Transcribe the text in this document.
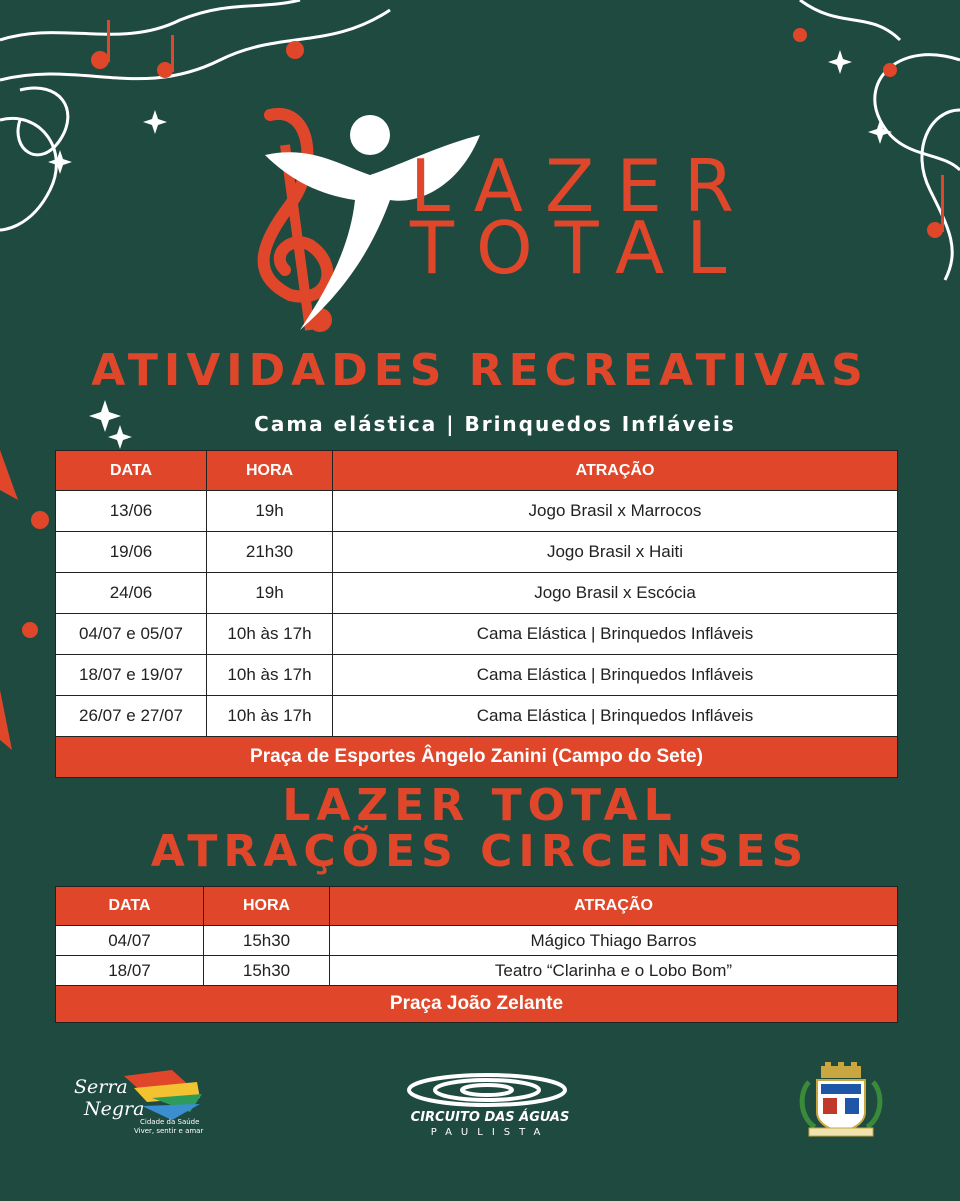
LAZER
TOTAL
ATIVIDADES RECREATIVAS
Cama elástica | Brinquedos Infláveis
DATA	HORA	ATRAÇÃO
13/06	19h	Jogo Brasil x Marrocos
19/06	21h30	Jogo Brasil x Haiti
24/06	19h	Jogo Brasil x Escócia
04/07 e 05/07	10h às 17h	Cama Elástica | Brinquedos Infláveis
18/07 e 19/07	10h às 17h	Cama Elástica | Brinquedos Infláveis
26/07 e 27/07	10h às 17h	Cama Elástica | Brinquedos Infláveis
Praça de Esportes Ângelo Zanini (Campo do Sete)		
LAZER TOTAL
ATRAÇÕES CIRCENSES
DATA	HORA	ATRAÇÃO
04/07	15h30	Mágico Thiago Barros
18/07	15h30	Teatro “Clarinha e o Lobo Bom”
Praça João Zelante		
Serra
Negra
Cidade da Saúde
Viver, sentir e amar
CIRCUITO DAS ÁGUAS
PAULISTA
